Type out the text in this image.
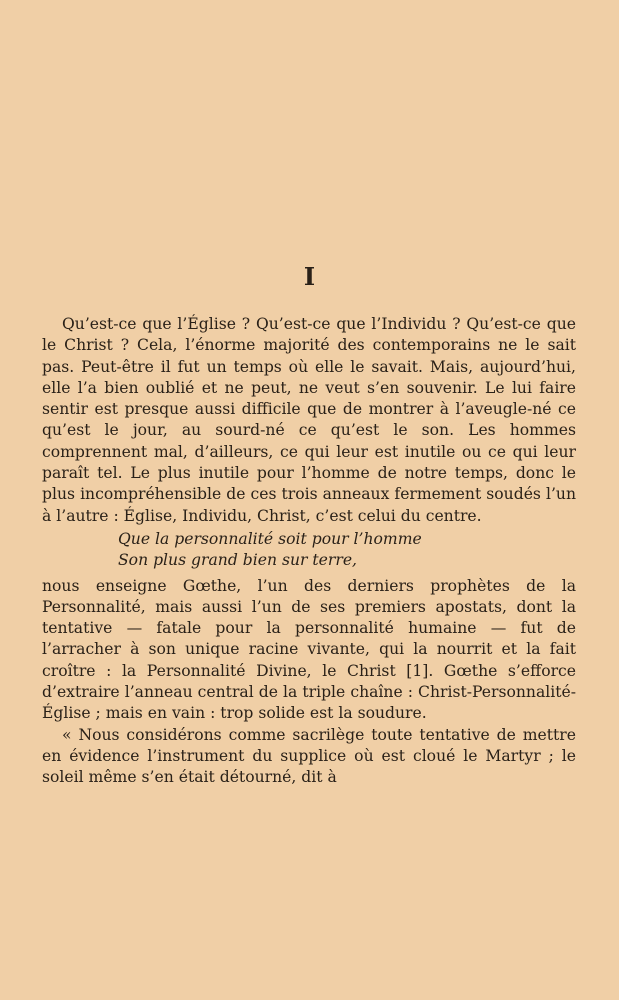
I

Qu’est-ce que l’Église ? Qu’est-ce que l’Individu ? Qu’est-ce que le Christ ? Cela, l’énorme majorité des contemporains ne le sait pas. Peut-être il fut un temps où elle le savait. Mais, aujourd’hui, elle l’a bien oublié et ne peut, ne veut s’en souvenir. Le lui faire sentir est presque aussi difficile que de montrer à l’aveugle-né ce qu’est le jour, au sourd-né ce qu’est le son. Les hommes comprennent mal, d’ailleurs, ce qui leur est inutile ou ce qui leur paraît tel. Le plus inutile pour l’homme de notre temps, donc le plus incompréhensible de ces trois anneaux fermement soudés l’un à l’autre : Église, Individu, Christ, c’est celui du centre.

Que la personnalité soit pour l’homme
Son plus grand bien sur terre,

nous enseigne Gœthe, l’un des derniers prophètes de la Personnalité, mais aussi l’un de ses premiers apostats, dont la tentative — fatale pour la personnalité humaine — fut de l’arracher à son unique racine vivante, qui la nourrit et la fait croître : la Personnalité Divine, le Christ [1]. Gœthe s’efforce d’extraire l’anneau central de la triple chaîne : Christ-Personnalité-Église ; mais en vain : trop solide est la soudure.

« Nous considérons comme sacrilège toute tentative de mettre en évidence l’instrument du supplice où est cloué le Martyr ; le soleil même s’en était détourné, dit à
